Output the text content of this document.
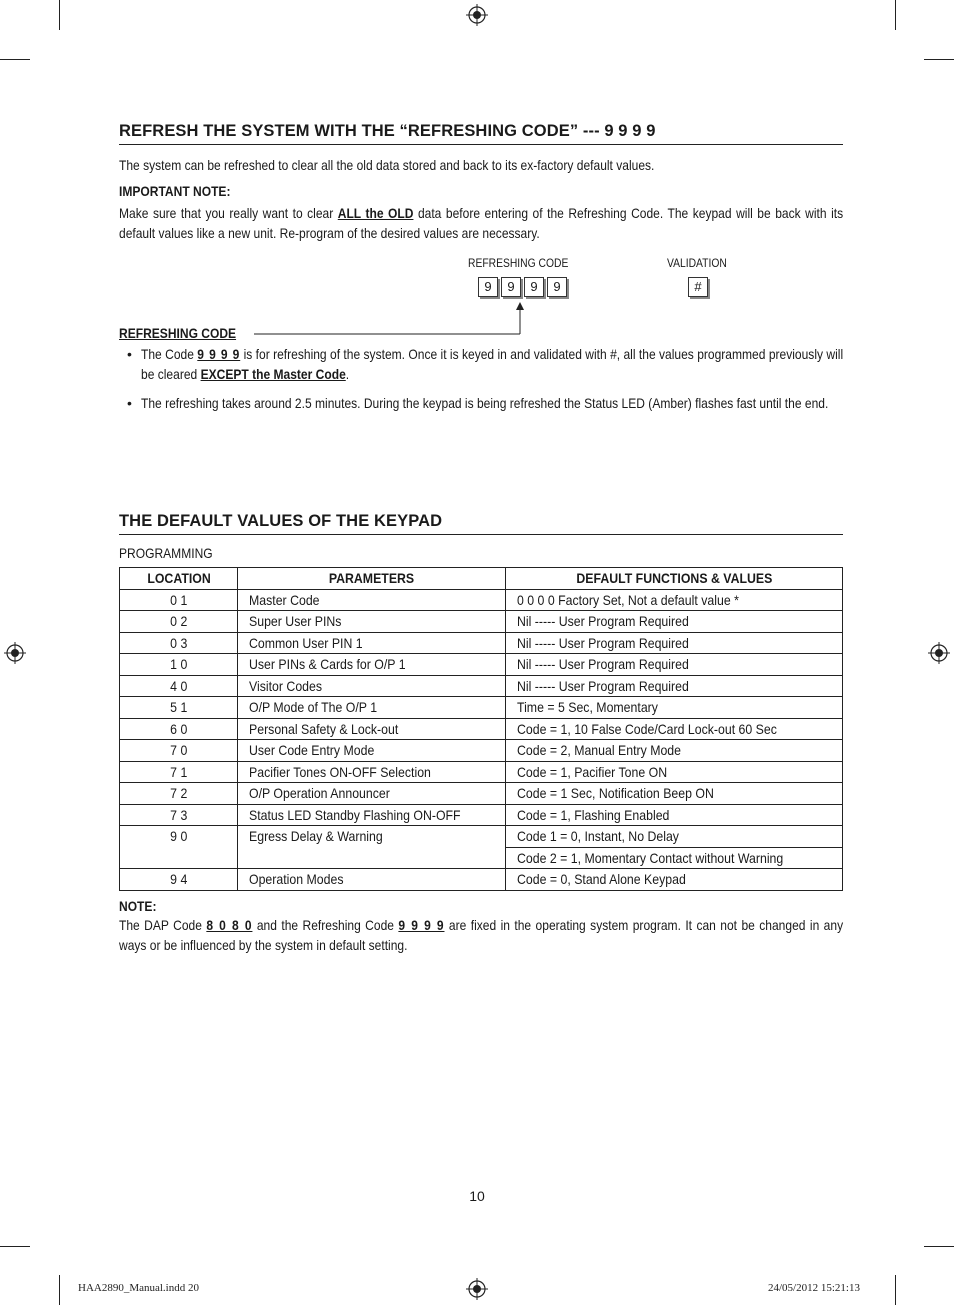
REFRESH THE SYSTEM WITH THE “REFRESHING CODE” --- 9 9 9 9
The system can be refreshed to clear all the old data stored and back to its ex-factory default values.
IMPORTANT NOTE:
Make sure that you really want to clear ALL the OLD data before entering of the Refreshing Code. The keypad will be back with its default values like a new unit. Re-program of the desired values are necessary.
REFRESHING CODE	VALIDATION
9 9 9 9	#
REFRESHING CODE
• The Code 9 9 9 9 is for refreshing of the system. Once it is keyed in and validated with #, all the values programmed previously will be cleared EXCEPT the Master Code.
• The refreshing takes around 2.5 minutes. During the keypad is being refreshed the Status LED (Amber) flashes fast until the end.
THE DEFAULT VALUES OF THE KEYPAD
PROGRAMMING
LOCATION	PARAMETERS	DEFAULT FUNCTIONS & VALUES
0 1	Master Code	0 0 0 0 Factory Set, Not a default value *
0 2	Super User PINs	Nil ----- User Program Required
0 3	Common User PIN 1	Nil ----- User Program Required
1 0	User PINs & Cards for O/P 1	Nil ----- User Program Required
4 0	Visitor Codes	Nil ----- User Program Required
5 1	O/P Mode of The O/P 1	Time = 5 Sec, Momentary
6 0	Personal Safety & Lock-out	Code = 1, 10 False Code/Card Lock-out 60 Sec
7 0	User Code Entry Mode	Code = 2, Manual Entry Mode
7 1	Pacifier Tones ON-OFF Selection	Code = 1, Pacifier Tone ON
7 2	O/P Operation Announcer	Code = 1 Sec, Notification Beep ON
7 3	Status LED Standby Flashing ON-OFF	Code = 1, Flashing Enabled
9 0	Egress Delay & Warning	Code 1 = 0, Instant, No Delay
		Code 2 = 1, Momentary Contact without Warning
9 4	Operation Modes	Code = 0, Stand Alone Keypad
NOTE:
The DAP Code 8 0 8 0 and the Refreshing Code 9 9 9 9 are fixed in the operating system program. It can not be changed in any ways or be influenced by the system in default setting.
10
HAA2890_Manual.indd 20	24/05/2012 15:21:13
